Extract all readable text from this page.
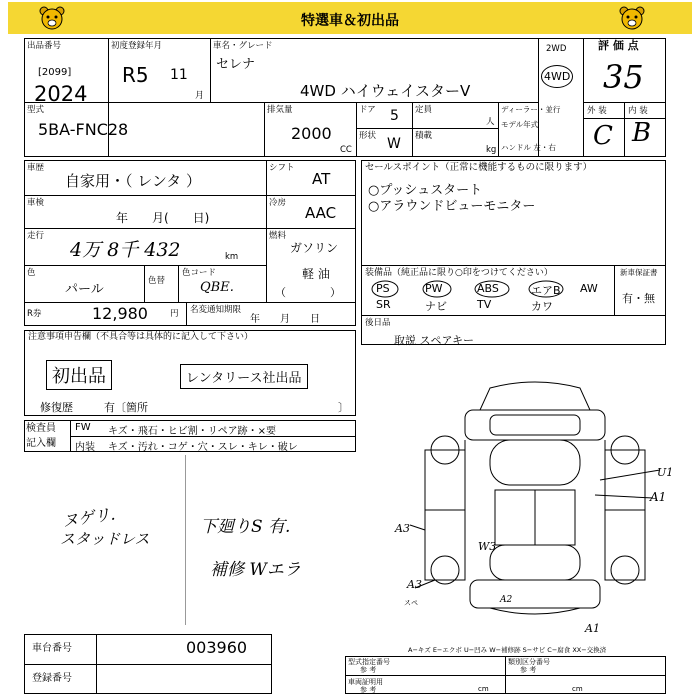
特選車＆初出品
出品番号
[2099]
2024
初度登録年月
R5 11
月
車名・グレード
セレナ
4WD ハイウェイスターV
2WD
4WD
評 価 点
35
型式
5BA-FNC28
排気量
2000
CC
ドア 5 定員
人
形状 W 積載
kg
ディーラー・並行
モデル年式
ハンドル 左・右
外 装	内 装
C B
車歴
自家用・（ レンタ ）
シフト
AT
車検
年　　月(　　日)
冷房
AAC
走行
4万 8千 432	km
燃料
ガソリン
軽 油
（　　　　）
色
パール
色替
色コード
QBE.
R券	12,980	円 名変通知期限
年　　月　　日
セールスポイント（正常に機能するものに限ります）
○プッシュスタート
○アラウンドビューモニター
装備品（純正品に限り○印をつけてください）
PS	PW	ABS	エアB AW
SR	ナビ	TV	カワ
新車保証書
有・無
後日品
取説 スペアキー
注意事項申告欄（不具合等は具体的に記入して下さい）
初出品	レンタリース社出品
修復歴	有〔箇所	〕
検査員
記入欄
FW キズ・飛石・ヒビ割・リペア跡・×要
内装 キズ・汚れ・コゲ・穴・スレ・キレ・破レ
ヌゲリ.
スタッドレス
下廻りS 有.
補修 Wエラ
U1
A1
A3
W3
A3
A2
A1
スペ
車台番号	003960
登録番号
A−キズ E−エクボ U−凹み W−補修跡 S−サビ C−腐食 XX−交換済
型式指定番号
参 考
類別区分番号
参 考
車両証明用
参 考	cm	cm
